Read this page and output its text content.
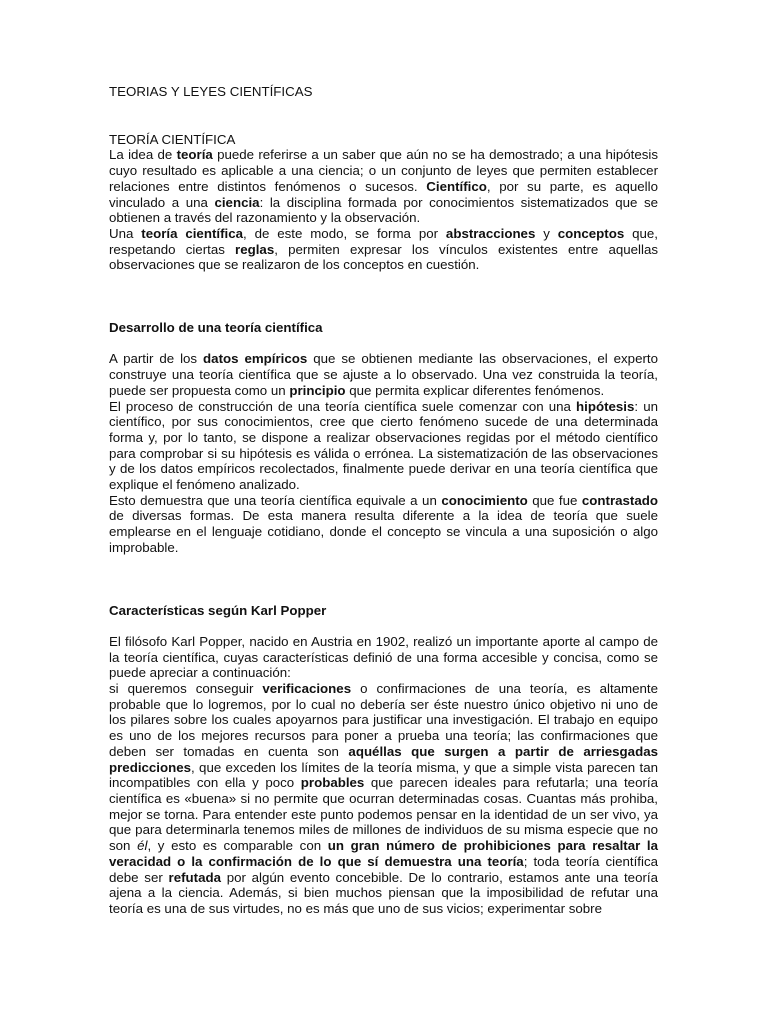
TEORIAS Y LEYES CIENTÍFICAS
TEORÍA CIENTÍFICA

La idea de teoría puede referirse a un saber que aún no se ha demostrado; a una hipótesis cuyo resultado es aplicable a una ciencia; o un conjunto de leyes que permiten establecer relaciones entre distintos fenómenos o sucesos. Científico, por su parte, es aquello vinculado a una ciencia: la disciplina formada por conocimientos sistematizados que se obtienen a través del razonamiento y la observación.

Una teoría científica, de este modo, se forma por abstracciones y conceptos que, respetando ciertas reglas, permiten expresar los vínculos existentes entre aquellas observaciones que se realizaron de los conceptos en cuestión.

Desarrollo de una teoría científica

A partir de los datos empíricos que se obtienen mediante las observaciones, el experto construye una teoría científica que se ajuste a lo observado. Una vez construida la teoría, puede ser propuesta como un principio que permita explicar diferentes fenómenos.

El proceso de construcción de una teoría científica suele comenzar con una hipótesis: un científico, por sus conocimientos, cree que cierto fenómeno sucede de una determinada forma y, por lo tanto, se dispone a realizar observaciones regidas por el método científico para comprobar si su hipótesis es válida o errónea. La sistematización de las observaciones y de los datos empíricos recolectados, finalmente puede derivar en una teoría científica que explique el fenómeno analizado.

Esto demuestra que una teoría científica equivale a un conocimiento que fue contrastado de diversas formas. De esta manera resulta diferente a la idea de teoría que suele emplearse en el lenguaje cotidiano, donde el concepto se vincula a una suposición o algo improbable.

Características según Karl Popper

El filósofo Karl Popper, nacido en Austria en 1902, realizó un importante aporte al campo de la teoría científica, cuyas características definió de una forma accesible y concisa, como se puede apreciar a continuación:

si queremos conseguir verificaciones o confirmaciones de una teoría, es altamente probable que lo logremos, por lo cual no debería ser éste nuestro único objetivo ni uno de los pilares sobre los cuales apoyarnos para justificar una investigación. El trabajo en equipo es uno de los mejores recursos para poner a prueba una teoría; las confirmaciones que deben ser tomadas en cuenta son aquéllas que surgen a partir de arriesgadas predicciones, que exceden los límites de la teoría misma, y que a simple vista parecen tan incompatibles con ella y poco probables que parecen ideales para refutarla; una teoría científica es «buena» si no permite que ocurran determinadas cosas. Cuantas más prohiba, mejor se torna. Para entender este punto podemos pensar en la identidad de un ser vivo, ya que para determinarla tenemos miles de millones de individuos de su misma especie que no son él, y esto es comparable con un gran número de prohibiciones para resaltar la veracidad o la confirmación de lo que sí demuestra una teoría; toda teoría científica debe ser refutada por algún evento concebible. De lo contrario, estamos ante una teoría ajena a la ciencia. Además, si bien muchos piensan que la imposibilidad de refutar una teoría es una de sus virtudes, no es más que uno de sus vicios; experimentar sobre
